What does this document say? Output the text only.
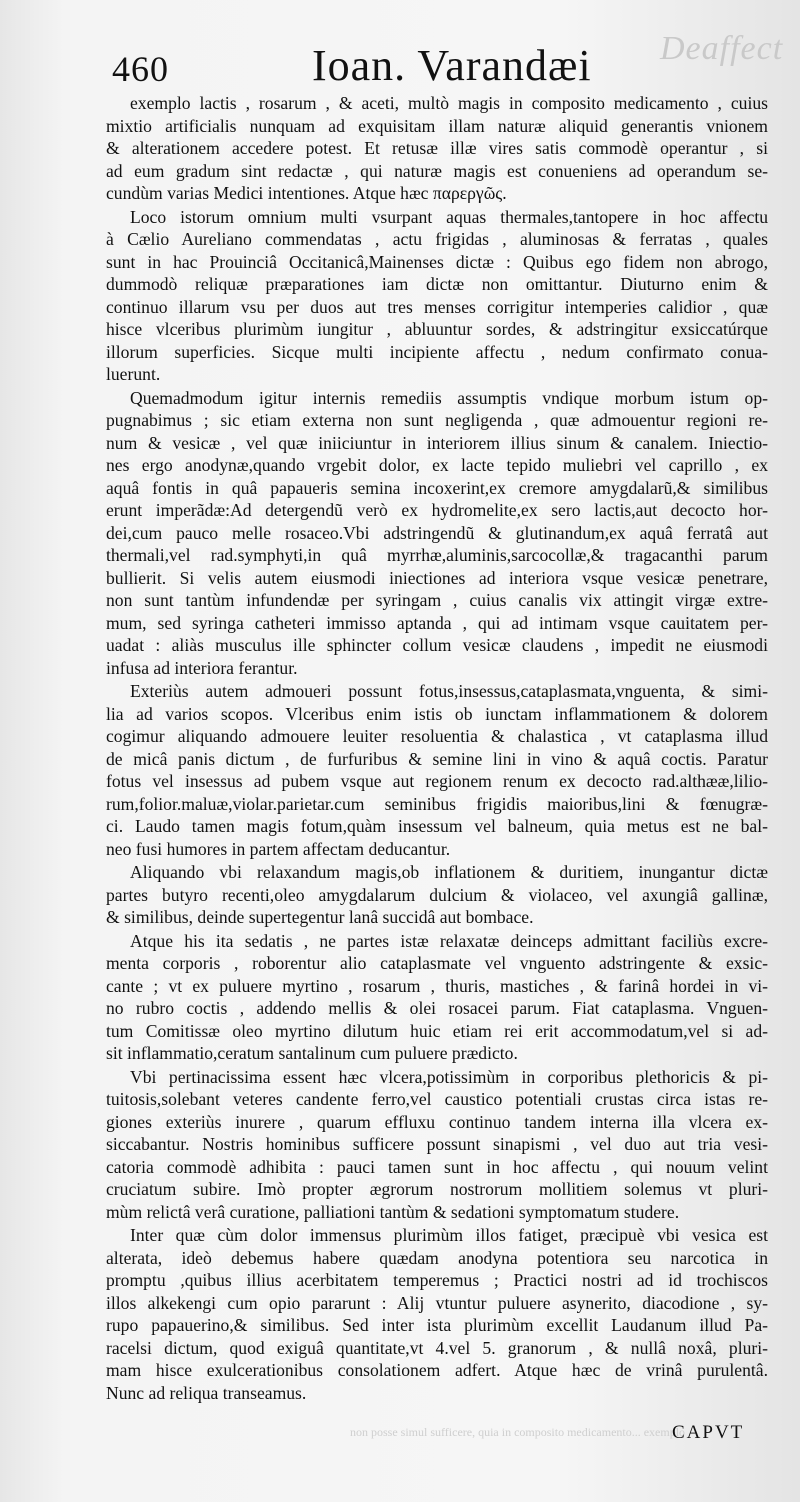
Deaffect
460	Ioan. Varandæi
exemplo lactis , rosarum , & aceti, multò magis in composito medicamento , cuius
mixtio artificialis nunquam ad exquisitam illam naturæ aliquid generantis vnionem
& alterationem accedere potest. Et retusæ illæ vires satis commodè operantur , si
ad eum gradum sint redactæ , qui naturæ magis est conueniens ad operandum se-
cundùm varias Medici intentiones. Atque hæc παρεργῶς.
Loco istorum omnium multi vsurpant aquas thermales,tantopere in hoc affectu
à Cælio Aureliano commendatas , actu frigidas , aluminosas & ferratas , quales
sunt in hac Prouinciâ Occitanicâ,Mainenses dictæ : Quibus ego fidem non abrogo,
dummodò reliquæ præparationes iam dictæ non omittantur. Diuturno enim &
continuo illarum vsu per duos aut tres menses corrigitur intemperies calidior , quæ
hisce vlceribus plurimùm iungitur , abluuntur sordes, & adstringitur exsiccatúrque
illorum superficies. Sicque multi incipiente affectu , nedum confirmato conua-
luerunt.
Quemadmodum igitur internis remediis assumptis vndique morbum istum op-
pugnabimus ; sic etiam externa non sunt negligenda , quæ admouentur regioni re-
num & vesicæ , vel quæ iniiciuntur in interiorem illius sinum & canalem. Iniectio-
nes ergo anodynæ,quando vrgebit dolor, ex lacte tepido muliebri vel caprillo , ex
aquâ fontis in quâ papaueris semina incoxerint,ex cremore amygdalarũ,& similibus
erunt imperãdæ:Ad detergendũ verò ex hydromelite,ex sero lactis,aut decocto hor-
dei,cum pauco melle rosaceo.Vbi adstringendũ & glutinandum,ex aquâ ferratâ aut
thermali,vel rad.symphyti,in quâ myrrhæ,aluminis,sarcocollæ,& tragacanthi parum
bullierit. Si velis autem eiusmodi iniectiones ad interiora vsque vesicæ penetrare,
non sunt tantùm infundendæ per syringam , cuius canalis vix attingit virgæ extre-
mum, sed syringa catheteri immisso aptanda , qui ad intimam vsque cauitatem per-
uadat : aliàs musculus ille sphincter collum vesicæ claudens , impedit ne eiusmodi
infusa ad interiora ferantur.
Exteriùs autem admoueri possunt fotus,insessus,cataplasmata,vnguenta, & simi-
lia ad varios scopos. Vlceribus enim istis ob iunctam inflammationem & dolorem
cogimur aliquando admouere leuiter resoluentia & chalastica , vt cataplasma illud
de micâ panis dictum , de furfuribus & semine lini in vino & aquâ coctis. Paratur
fotus vel insessus ad pubem vsque aut regionem renum ex decocto rad.althææ,lilio-
rum,folior.maluæ,violar.parietar.cum seminibus frigidis maioribus,lini & fœnugræ-
ci. Laudo tamen magis fotum,quàm insessum vel balneum, quia metus est ne bal-
neo fusi humores in partem affectam deducantur.
Aliquando vbi relaxandum magis,ob inflationem & duritiem, inungantur dictæ
partes butyro recenti,oleo amygdalarum dulcium & violaceo, vel axungiâ gallinæ,
& similibus, deinde supertegentur lanâ succidâ aut bombace.
Atque his ita sedatis , ne partes istæ relaxatæ deinceps admittant faciliùs excre-
menta corporis , roborentur alio cataplasmate vel vnguento adstringente & exsic-
cante ; vt ex puluere myrtino , rosarum , thuris, mastiches , & farinâ hordei in vi-
no rubro coctis , addendo mellis & olei rosacei parum. Fiat cataplasma. Vnguen-
tum Comitissæ oleo myrtino dilutum huic etiam rei erit accommodatum,vel si ad-
sit inflammatio,ceratum santalinum cum puluere prædicto.
Vbi pertinacissima essent hæc vlcera,potissimùm in corporibus plethoricis & pi-
tuitosis,solebant veteres candente ferro,vel caustico potentiali crustas circa istas re-
giones exteriùs inurere , quarum effluxu continuo tandem interna illa vlcera ex-
siccabantur. Nostris hominibus sufficere possunt sinapismi , vel duo aut tria vesi-
catoria commodè adhibita : pauci tamen sunt in hoc affectu , qui nouum velint
cruciatum subire. Imò propter ægrorum nostrorum mollitiem solemus vt pluri-
mùm relictâ verâ curatione, palliationi tantùm & sedationi symptomatum studere.
Inter quæ cùm dolor immensus plurimùm illos fatiget, præcipuè vbi vesica est
alterata, ideò debemus habere quædam anodyna potentiora seu narcotica in
promptu ,quibus illius acerbitatem temperemus ; Practici nostri ad id trochiscos
illos alkekengi cum opio pararunt : Alij vtuntur puluere asynerito, diacodione , sy-
rupo papauerino,& similibus. Sed inter ista plurimùm excellit Laudanum illud Pa-
racelsi dictum, quod exiguâ quantitate,vt 4.vel 5. granorum , & nullâ noxâ, pluri-
mam hisce exulcerationibus consolationem adfert. Atque hæc de vrinâ purulentâ.
Nunc ad reliqua transeamus.
non posse simul sufficere, quia in composito medicamento... exemplo
CAPVT
